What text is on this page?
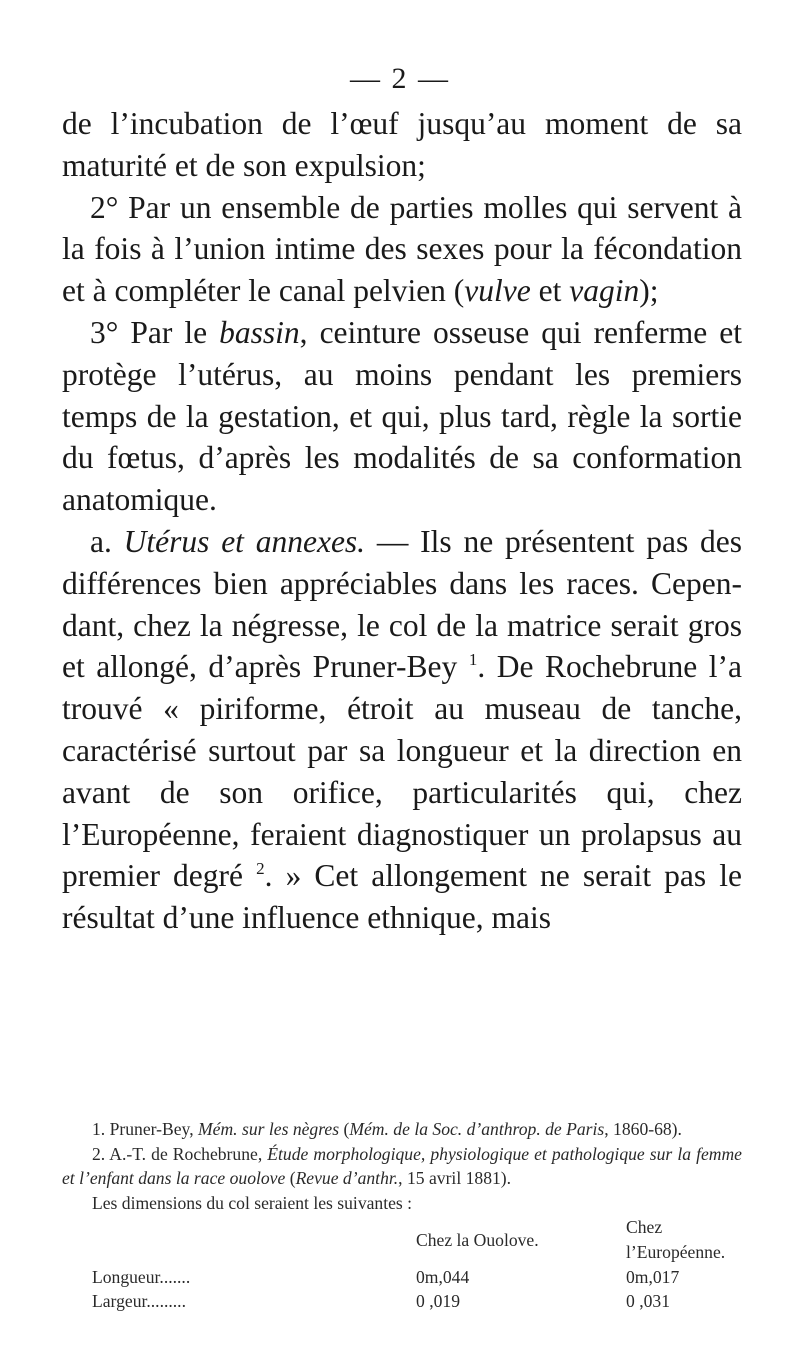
— 2 —

de l’incubation de l’œuf jusqu’au moment de sa maturité et de son expulsion;

2° Par un ensemble de parties molles qui servent à la fois à l’union intime des sexes pour la fécondation et à compléter le canal pelvien (vulve et vagin);

3° Par le bassin, ceinture osseuse qui renferme et protège l’utérus, au moins pendant les premiers temps de la gestation, et qui, plus tard, règle la sortie du fœtus, d’après les modalités de sa conformation anatomique.

a. Utérus et annexes. — Ils ne présentent pas des différences bien appréciables dans les races. Cependant, chez la négresse, le col de la matrice serait gros et allongé, d’après Pruner-Bey $^1$. De Rochebrune l’a trouvé « piriforme, étroit au museau de tanche, caractérisé surtout par sa longueur et la direction en avant de son orifice, particularités qui, chez l’Européenne, feraient diagnostiquer un prolapsus au premier degré $^2$. » Cet allongement ne serait pas le résultat d’une influence ethnique, mais

1. Pruner-Bey, Mém. sur les nègres (Mém. de la Soc. d’anthrop. de Paris, 1860-68).

2. A.-T. de Rochebrune, Étude morphologique, physiologique et pathologique sur la femme et l’enfant dans la race ouolove (Revue d’anthr., 15 avril 1881).

Les dimensions du col seraient les suivantes :

	Chez la Ouolove.	Chez l’Européenne.
Longueur.......	0m,044	0m,017
Largeur.........	0 ,019	0 ,031
